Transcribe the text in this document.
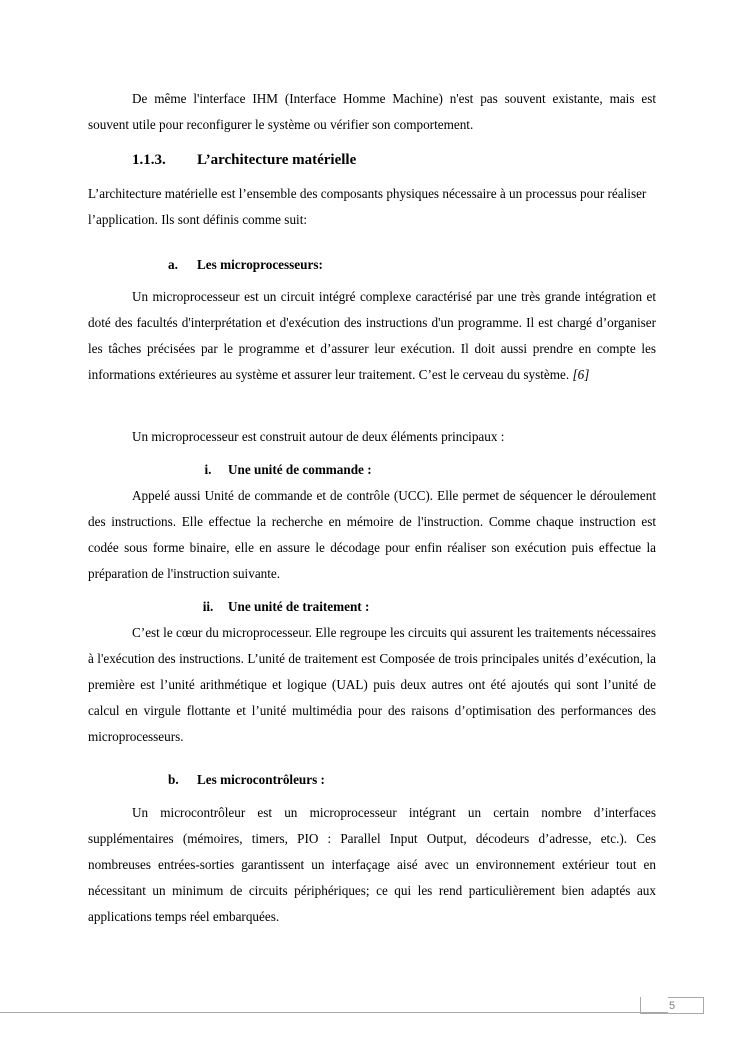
De même l'interface IHM (Interface Homme Machine) n'est pas souvent existante, mais est souvent utile pour reconfigurer le système ou vérifier son comportement.

1.1.3. L’architecture matérielle

L’architecture matérielle est l’ensemble des composants physiques nécessaire à un processus pour réaliser l’application. Ils sont définis comme suit:

a. Les microprocesseurs:

Un microprocesseur est un circuit intégré complexe caractérisé par une très grande intégration et doté des facultés d'interprétation et d'exécution des instructions d'un programme. Il est chargé d’organiser les tâches précisées par le programme et d’assurer leur exécution. Il doit aussi prendre en compte les informations extérieures au système et assurer leur traitement. C’est le cerveau du système. [6]

Un microprocesseur est construit autour de deux éléments principaux :

i. Une unité de commande :

Appelé aussi Unité de commande et de contrôle (UCC). Elle permet de séquencer le déroulement des instructions. Elle effectue la recherche en mémoire de l'instruction. Comme chaque instruction est codée sous forme binaire, elle en assure le décodage pour enfin réaliser son exécution puis effectue la préparation de l'instruction suivante.

ii. Une unité de traitement :

C’est le cœur du microprocesseur. Elle regroupe les circuits qui assurent les traitements nécessaires à l'exécution des instructions. L’unité de traitement est Composée de trois principales unités d’exécution, la première est l’unité arithmétique et logique (UAL) puis deux autres ont été ajoutés qui sont l’unité de calcul en virgule flottante et l’unité multimédia pour des raisons d’optimisation des performances des microprocesseurs.

b. Les microcontrôleurs :

Un microcontrôleur est un microprocesseur intégrant un certain nombre d’interfaces supplémentaires (mémoires, timers, PIO : Parallel Input Output, décodeurs d’adresse, etc.). Ces nombreuses entrées-sorties garantissent un interfaçage aisé avec un environnement extérieur tout en nécessitant un minimum de circuits périphériques; ce qui les rend particulièrement bien adaptés aux applications temps réel embarquées.

5
